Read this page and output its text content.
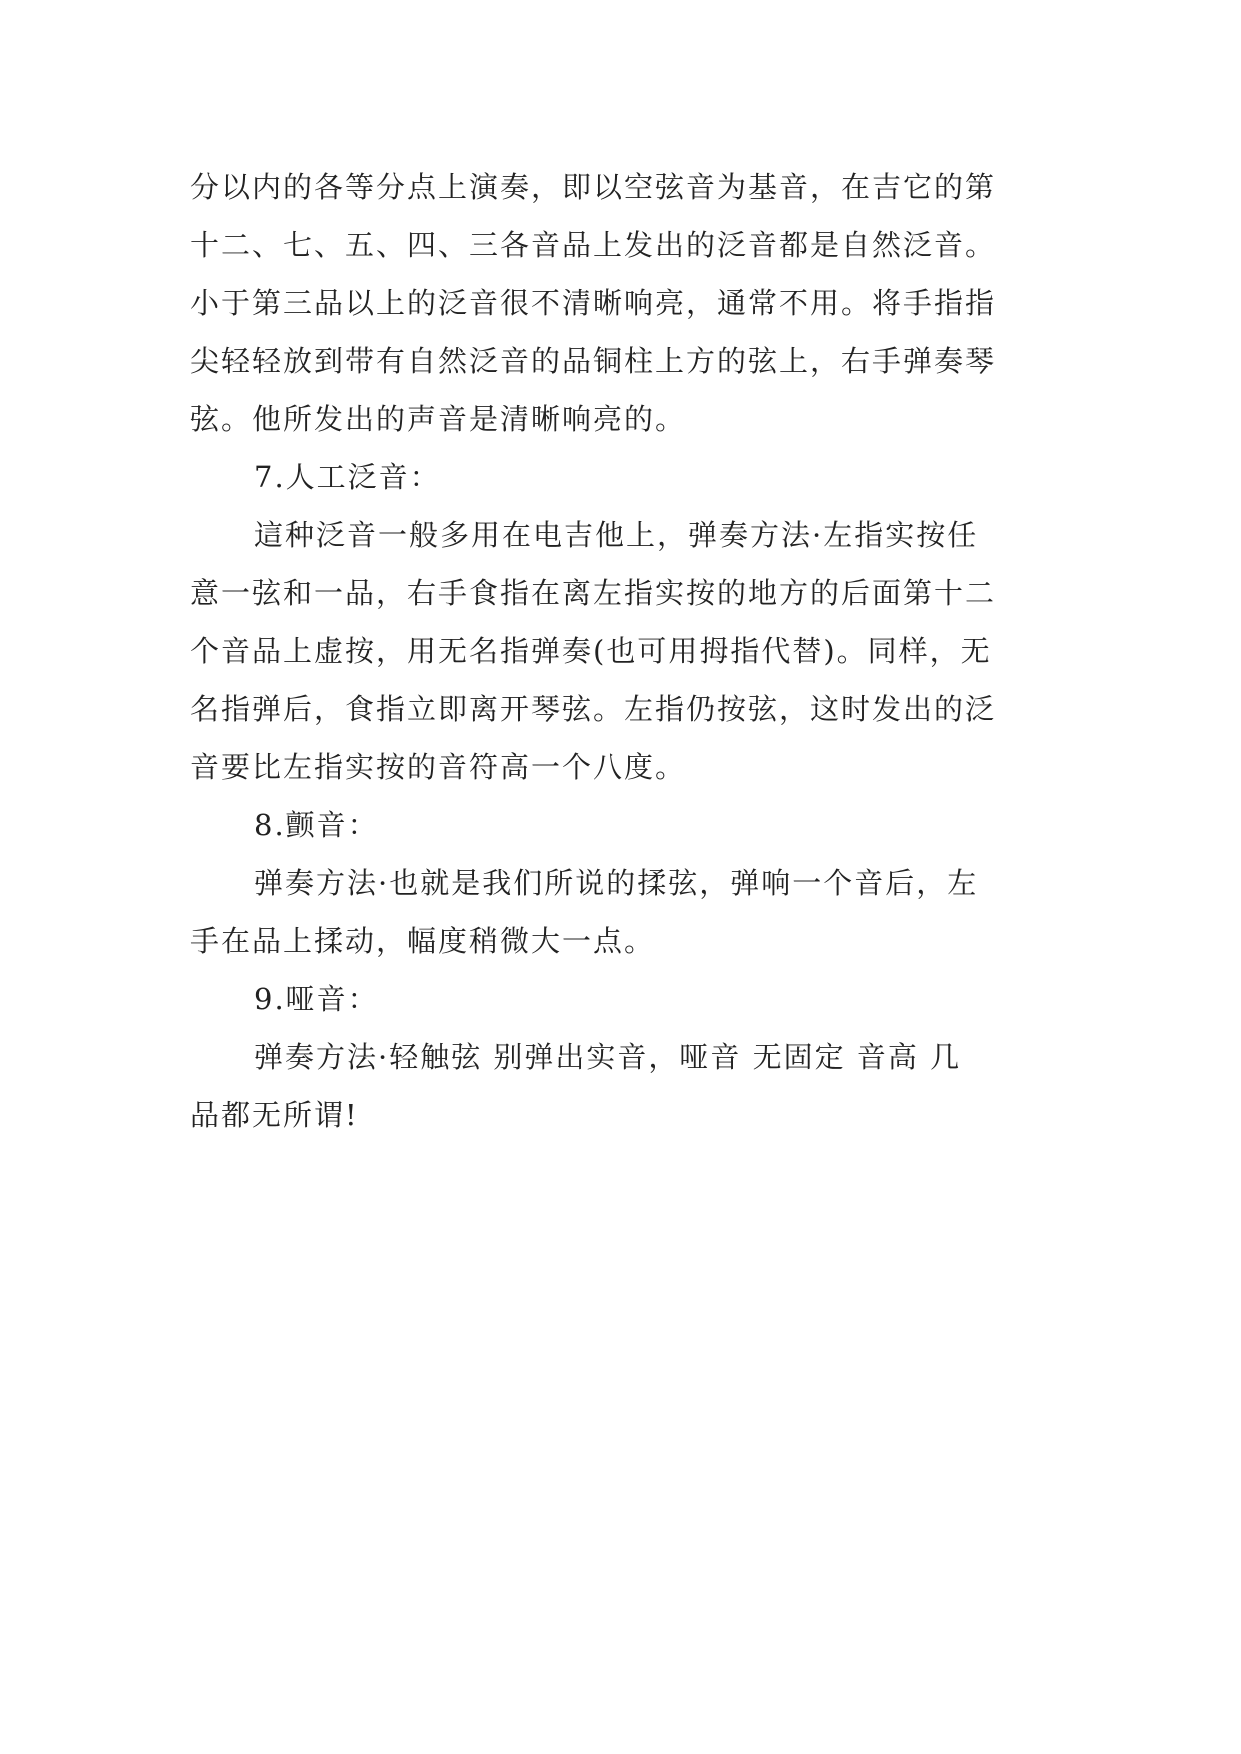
分以内的各等分点上演奏，即以空弦音为基音，在吉它的第
十二、七、五、四、三各音品上发出的泛音都是自然泛音。
小于第三品以上的泛音很不清晰响亮，通常不用。将手指指
尖轻轻放到带有自然泛音的品铜柱上方的弦上，右手弹奏琴
弦。他所发出的声音是清晰响亮的。
7.人工泛音：
這种泛音一般多用在电吉他上，弹奏方法·左指实按任
意一弦和一品，右手食指在离左指实按的地方的后面第十二
个音品上虚按，用无名指弹奏(也可用拇指代替)。同样，无
名指弹后，食指立即离开琴弦。左指仍按弦，这时发出的泛
音要比左指实按的音符高一个八度。
8.颤音：
弹奏方法·也就是我们所说的揉弦，弹响一个音后，左
手在品上揉动，幅度稍微大一点。
9.哑音：
弹奏方法·轻触弦 别弹出实音，哑音 无固定 音高 几
品都无所谓!
